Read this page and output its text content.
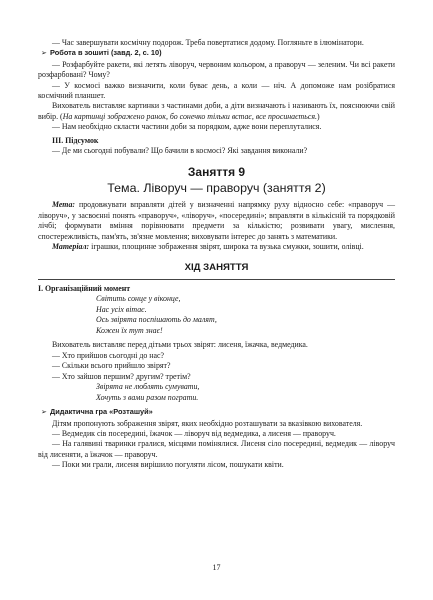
— Час завершувати космічну подорож. Треба повертатися додому. Погляньте в ілюмінатори.

➢ Робота в зошиті (завд. 2, с. 10)

— Розфарбуйте ракети, які летять ліворуч, червоним кольором, а праворуч — зеленим. Чи всі ракети розфарбовані? Чому?

— У космосі важко визначити, коли буває день, а коли — ніч. А допоможе нам розібратися космічний планшет.

Вихователь виставляє картинки з частинами доби, а діти визначають і називають їх, пояснюючи свій вибір. (На картинці зображено ранок, бо сонечко тільки встає, все просинається.)

— Нам необхідно скласти частини доби за порядком, адже вони переплуталися.

III. Підсумок

— Де ми сьогодні побували? Що бачили в космосі? Які завдання виконали?

Заняття 9

Тема. Ліворуч — праворуч (заняття 2)

Мета: продовжувати вправляти дітей у визначенні напрямку руху відносно себе: «праворуч — ліворуч», у засвоєнні понять «праворуч», «ліворуч», «посередині»; вправляти в кількісній та порядковій лічбі; формувати вміння порівнювати предмети за кількістю; розвивати увагу, мислення, спостережливість, пам'ять, зв'язне мовлення; виховувати інтерес до занять з математики.

Матеріал: іграшки, площинне зображення звірят, широка та вузька смужки, зошити, олівці.

ХІД ЗАНЯТТЯ

I. Організаційний момент

Світить сонце у віконце,

Нас усіх вітає.

Ось звірята поспішають до малят,

Кожен їх тут знає!

Вихователь виставляє перед дітьми трьох звірят: лисеня, їжачка, ведмедика.

— Хто прийшов сьогодні до нас?

— Скільки всього прийшло звірят?

— Хто зайшов першим? другим? третім?

Звірята не люблять сумувати,

Хочуть з вами разом пограти.

➢ Дидактична гра «Розташуй»

Дітям пропонують зображення звірят, яких необхідно розташувати за вказівкою вихователя.

— Ведмедик сів посередині, їжачок — ліворуч від ведмедика, а лисеня — праворуч.

— На галявині тваринки гралися, місцями помінялися. Лисеня сіло посередині, ведмедик — ліворуч від лисеняти, а їжачок — праворуч.

— Поки ми грали, лисеня вирішило погуляти лісом, пошукати квіти.

17
